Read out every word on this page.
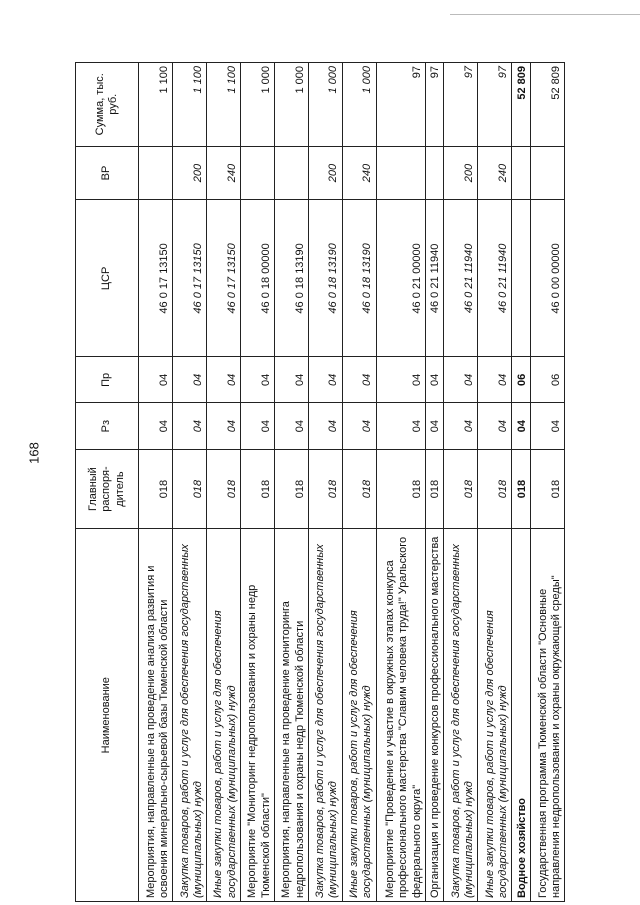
168
Наименование	Главный распоря-дитель	Рз	Пр	ЦСР	ВР	Сумма, тыс. руб.
Мероприятия, направленные на проведение анализа развития и освоения минерально-сырьевой базы Тюменской области	018	04	04	46 0 17 13150		1 100
Закупка товаров, работ и услуг для обеспечения государственных (муниципальных) нужд	018	04	04	46 0 17 13150	200	1 100
Иные закупки товаров, работ и услуг для обеспечения государственных (муниципальных) нужд	018	04	04	46 0 17 13150	240	1 100
Мероприятие "Мониторинг недропользования и охраны недр Тюменской области"	018	04	04	46 0 18 00000		1 000
Мероприятия, направленные на проведение мониторинга недропользования и охраны недр Тюменской области	018	04	04	46 0 18 13190		1 000
Закупка товаров, работ и услуг для обеспечения государственных (муниципальных) нужд	018	04	04	46 0 18 13190	200	1 000
Иные закупки товаров, работ и услуг для обеспечения государственных (муниципальных) нужд	018	04	04	46 0 18 13190	240	1 000
Мероприятие "Проведение и участие в окружных этапах конкурса профессионального мастерства "Славим человека труда!" Уральского федерального округа"	018	04	04	46 0 21 00000		97
Организация и проведение конкурсов профессионального мастерства	018	04	04	46 0 21 11940		97
Закупка товаров, работ и услуг для обеспечения государственных (муниципальных) нужд	018	04	04	46 0 21 11940	200	97
Иные закупки товаров, работ и услуг для обеспечения государственных (муниципальных) нужд	018	04	04	46 0 21 11940	240	97
Водное хозяйство	018	04	06			52 809
Государственная программа Тюменской области "Основные направления недропользования и охраны окружающей среды"	018	04	06	46 0 00 00000		52 809
